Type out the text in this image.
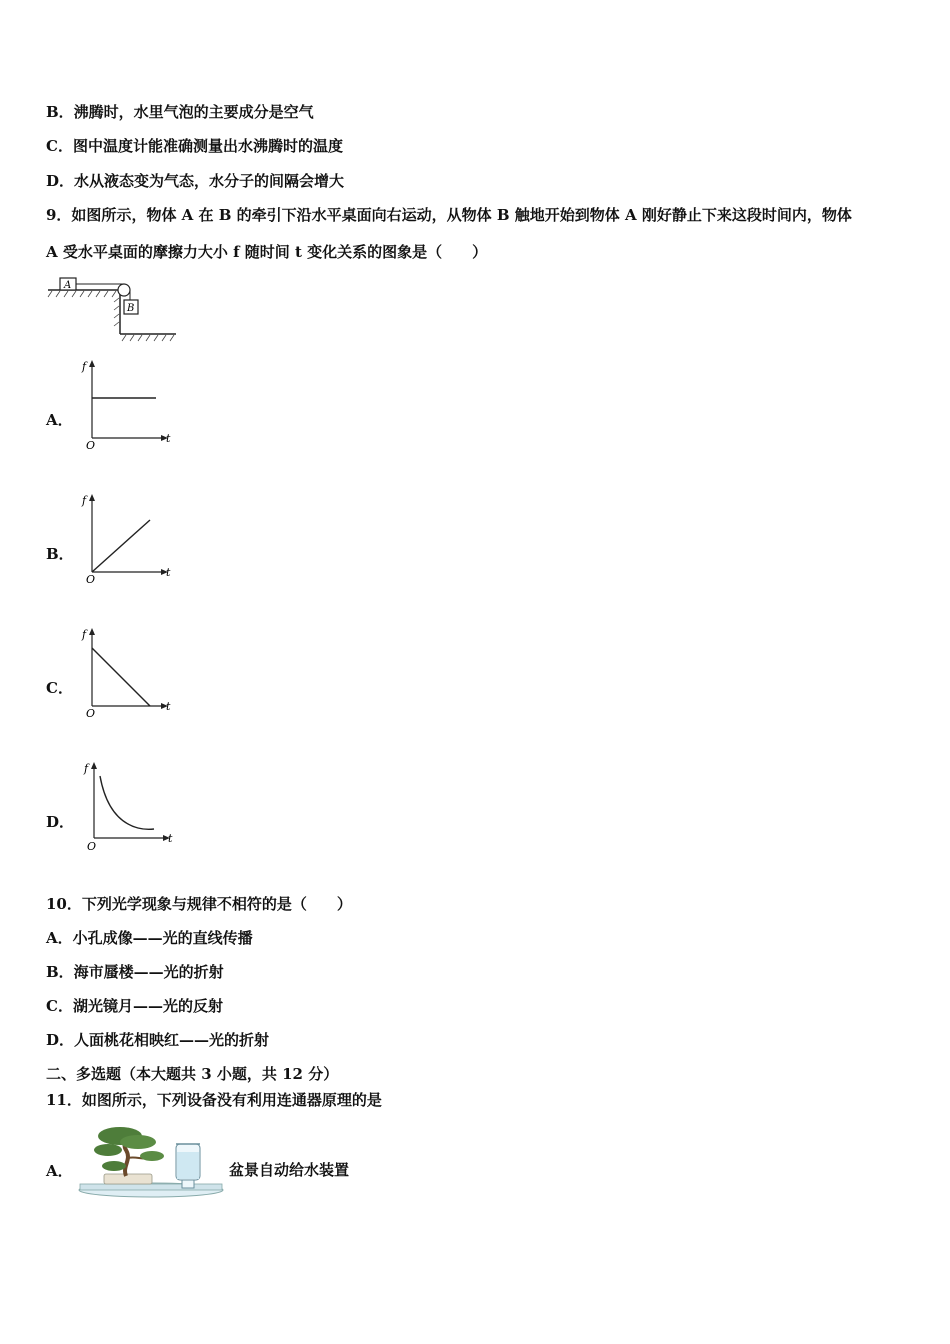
B．沸腾时，水里气泡的主要成分是空气
C．图中温度计能准确测量出水沸腾时的温度
D．水从液态变为气态，水分子的间隔会增大
9．如图所示，物体 A 在 B 的牵引下沿水平桌面向右运动，从物体 B 触地开始到物体 A 刚好静止下来这段时间内，物体
A 受水平桌面的摩擦力大小 f 随时间 t 变化关系的图象是（　　）
A
B
A．
f
t
O
B．
f
t
O
C．
f
t
O
D．
f
t
O
10．下列光学现象与规律不相符的是（　　）
A．小孔成像——光的直线传播
B．海市蜃楼——光的折射
C．湖光镜月——光的反射
D．人面桃花相映红——光的折射
二、多选题（本大题共 3 小题，共 12 分）
11．如图所示，下列设备没有利用连通器原理的是
A．	盆景自动给水装置
